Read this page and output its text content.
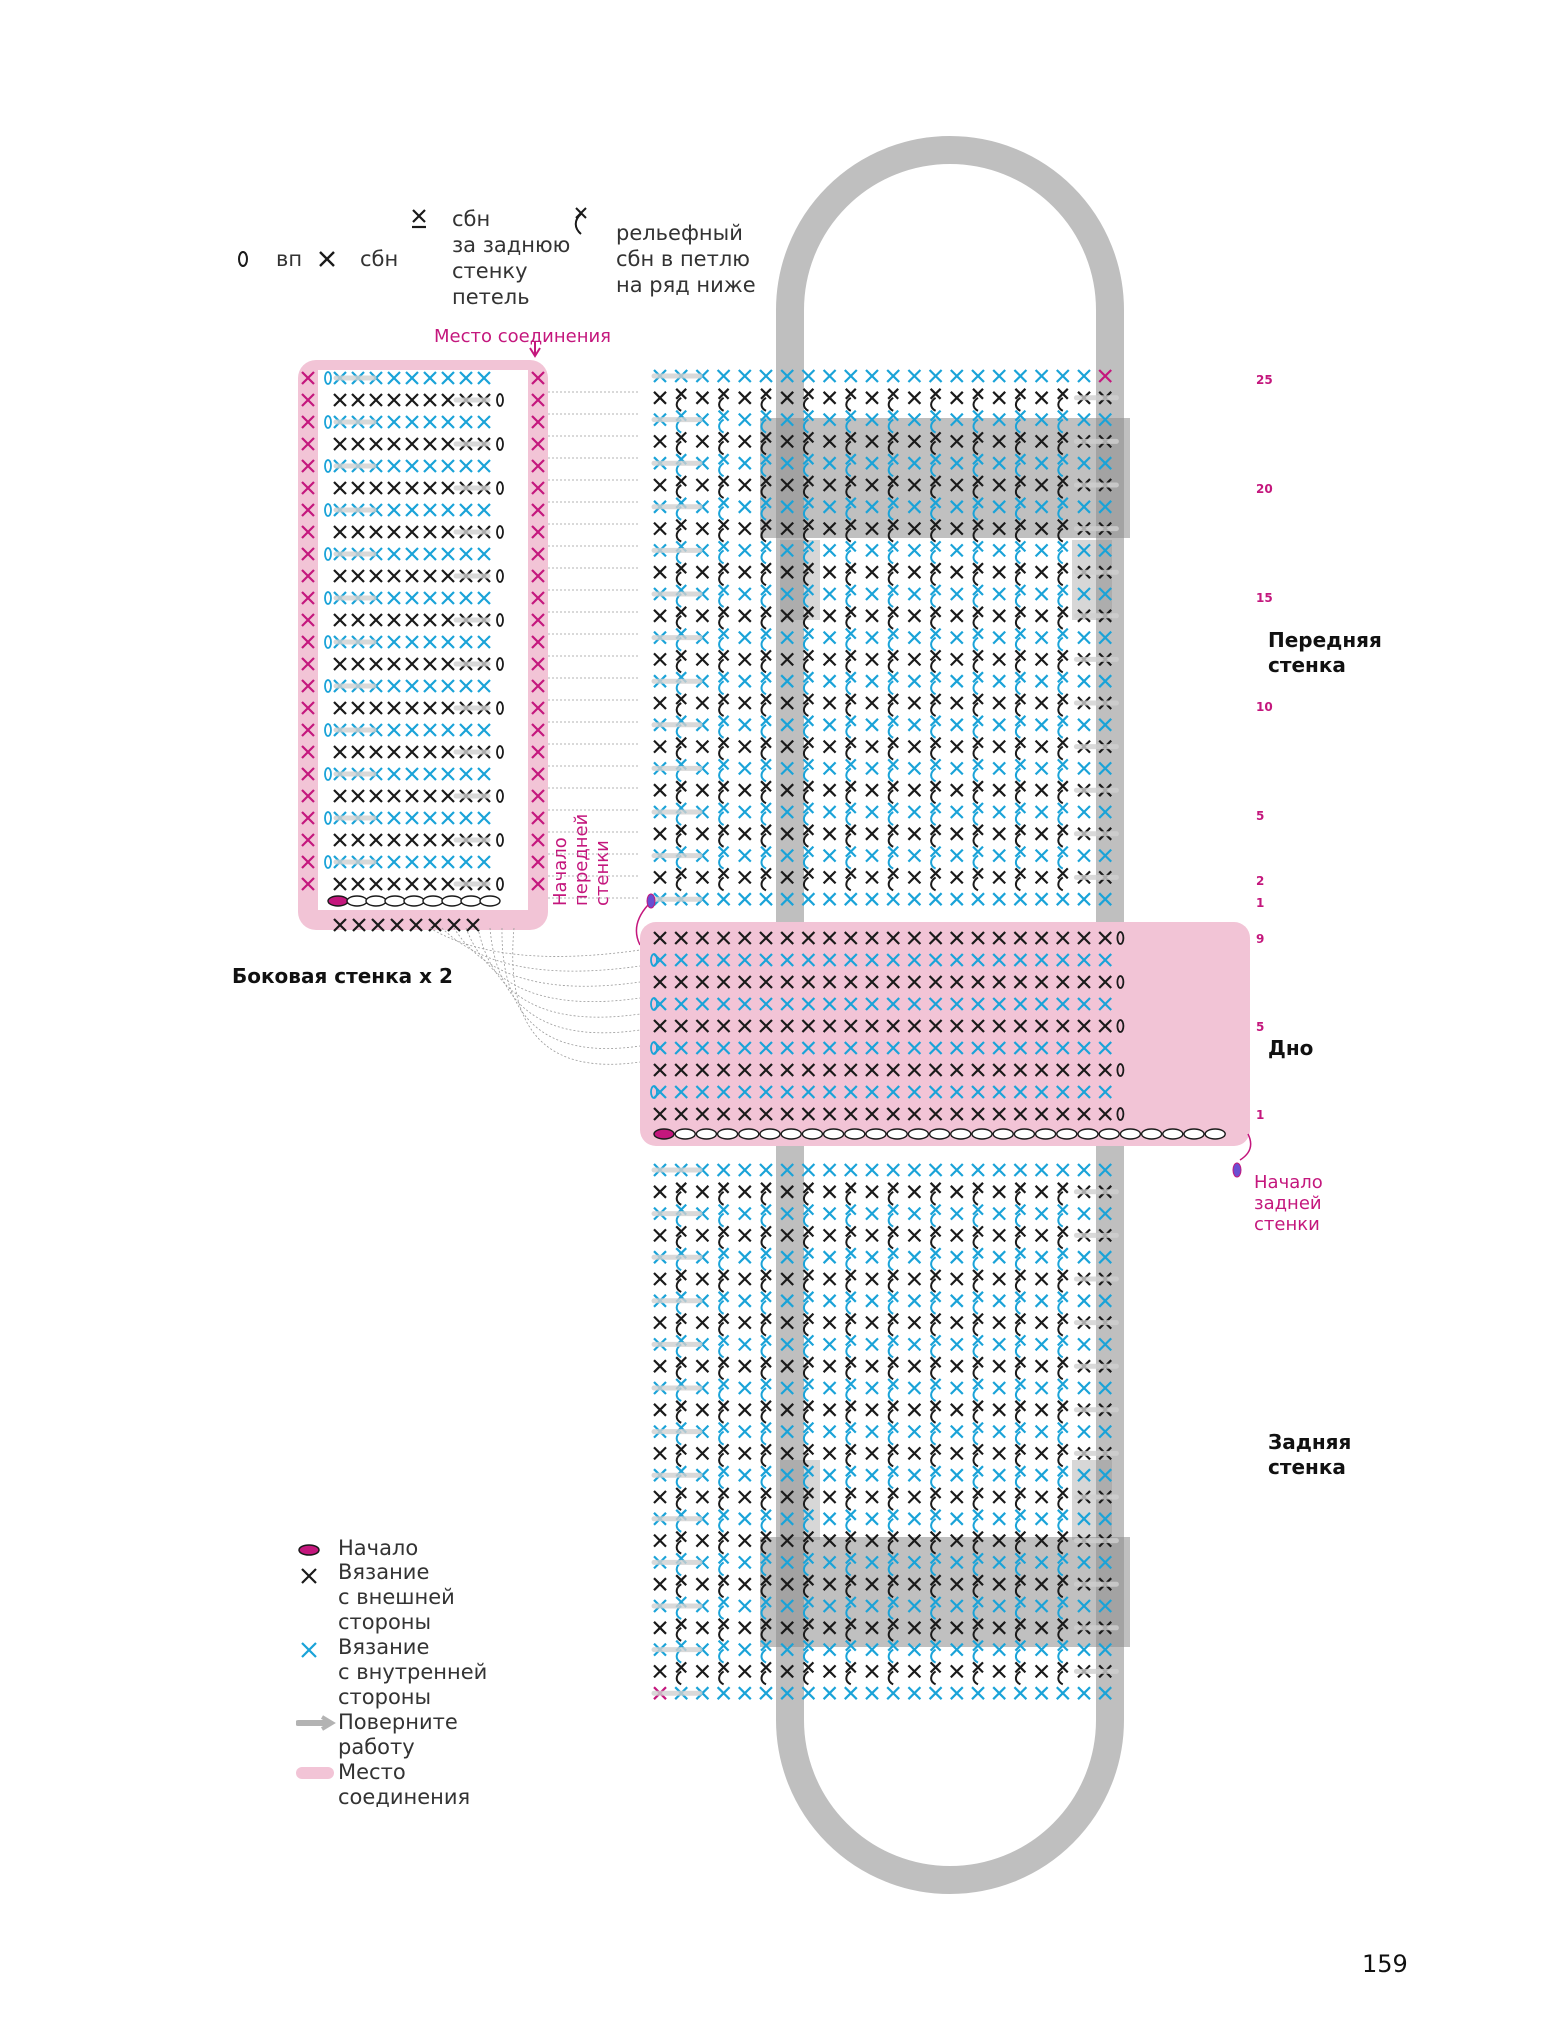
вп	сбн
сбн
за заднюю
стенку
петель
рельефный
сбн в петлю
на ряд ниже
Место соединения
Боковая стенка х 2
Передняя
стенка
Дно
Задняя
стенка
Начало
задней
стенки
Начало
передней
стенки
25
20
15
10
5
2
1
9
5
1
Начало
Вязание
с внешней
стороны
Вязание
с внутренней
стороны
Поверните
работу
Место
соединения
159
